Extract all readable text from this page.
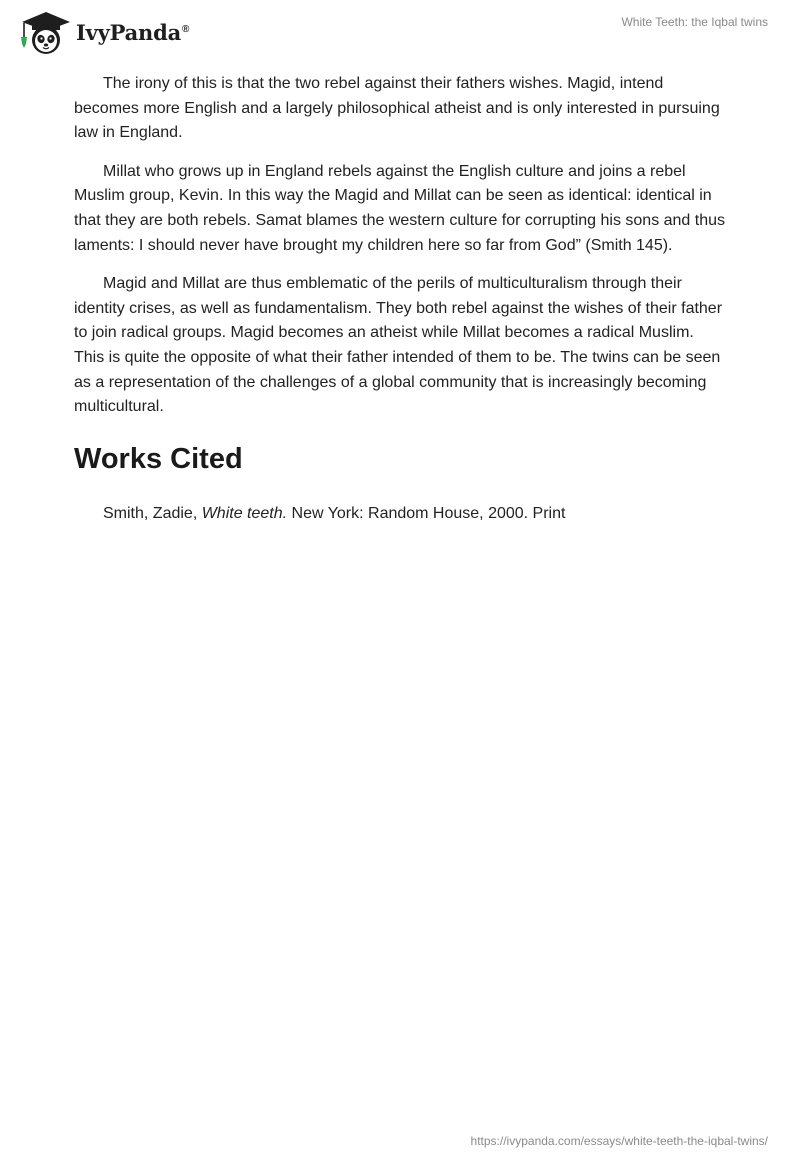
IvyPanda®	White Teeth: the Iqbal twins

The irony of this is that the two rebel against their fathers wishes. Magid, intend becomes more English and a largely philosophical atheist and is only interested in pursuing law in England.

Millat who grows up in England rebels against the English culture and joins a rebel Muslim group, Kevin. In this way the Magid and Millat can be seen as identical: identical in that they are both rebels. Samat blames the western culture for corrupting his sons and thus laments: I should never have brought my children here so far from God” (Smith 145).

Magid and Millat are thus emblematic of the perils of multiculturalism through their identity crises, as well as fundamentalism. They both rebel against the wishes of their father to join radical groups. Magid becomes an atheist while Millat becomes a radical Muslim. This is quite the opposite of what their father intended of them to be. The twins can be seen as a representation of the challenges of a global community that is increasingly becoming multicultural.

Works Cited

Smith, Zadie, White teeth. New York: Random House, 2000. Print

https://ivypanda.com/essays/white-teeth-the-iqbal-twins/
